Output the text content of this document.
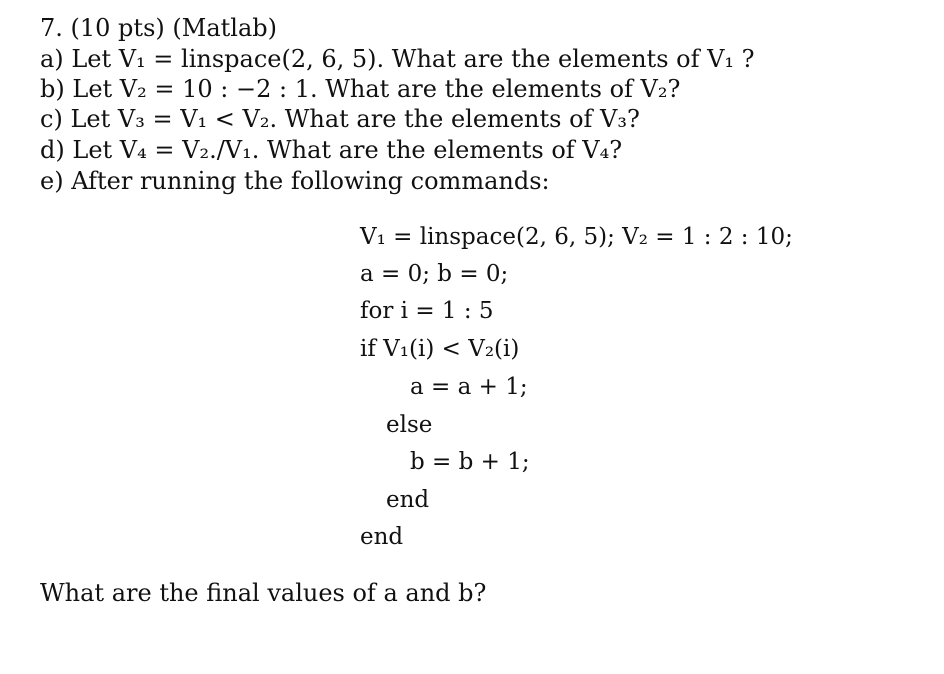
7. (10 pts) (Matlab)
a) Let V₁ = linspace(2, 6, 5). What are the elements of V₁ ?
b) Let V₂ = 10 : −2 : 1. What are the elements of V₂?
c) Let V₃ = V₁ < V₂. What are the elements of V₃?
d) Let V₄ = V₂./V₁. What are the elements of V₄?
e) After running the following commands:
V₁ = linspace(2, 6, 5); V₂ = 1 : 2 : 10;
a = 0; b = 0;
for i = 1 : 5
if V₁(i) < V₂(i)
a = a + 1;
else
b = b + 1;
end
end
What are the final values of a and b?
